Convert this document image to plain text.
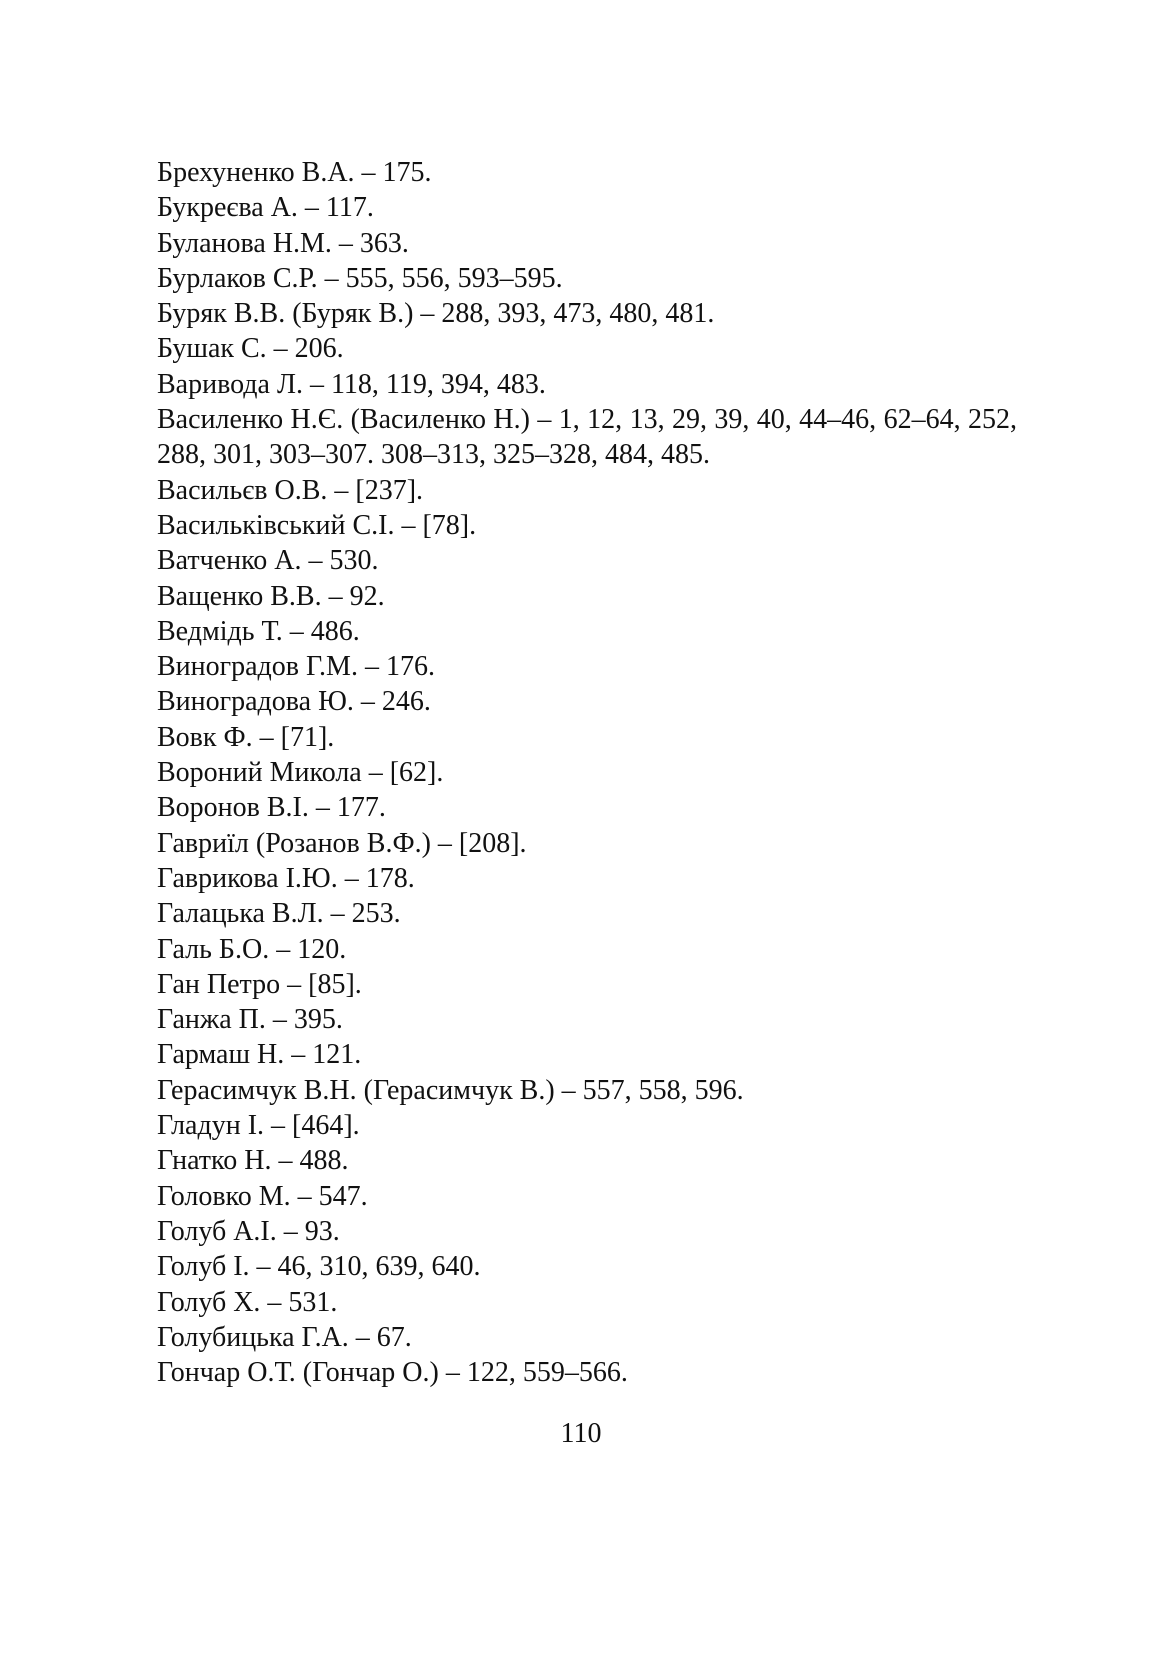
Брехуненко В.А. – 175.
Букреєва А. – 117.
Буланова Н.М. – 363.
Бурлаков С.Р. – 555, 556, 593–595.
Буряк В.В. (Буряк В.) – 288, 393, 473, 480, 481.
Бушак С. – 206.
Варивода Л. – 118, 119, 394, 483.
Василенко Н.Є. (Василенко Н.) – 1, 12, 13, 29, 39, 40, 44–46, 62–64, 252, 288, 301, 303–307. 308–313, 325–328, 484, 485.
Васильєв О.В. – [237].
Васильківський С.І. – [78].
Ватченко А. – 530.
Ващенко В.В. – 92.
Ведмідь Т. – 486.
Виноградов Г.М. – 176.
Виноградова Ю. – 246.
Вовк Ф. – [71].
Вороний Микола – [62].
Воронов В.І. – 177.
Гавриїл (Розанов В.Ф.) – [208].
Гаврикова І.Ю. – 178.
Галацька В.Л. – 253.
Галь Б.О. – 120.
Ган Петро – [85].
Ганжа П. – 395.
Гармаш Н. – 121.
Герасимчук В.Н. (Герасимчук В.) – 557, 558, 596.
Гладун І. – [464].
Гнатко Н. – 488.
Головко М. – 547.
Голуб А.І. – 93.
Голуб І. – 46, 310, 639, 640.
Голуб Х. – 531.
Голубицька Г.А. – 67.
Гончар О.Т. (Гончар О.) – 122, 559–566.
110
